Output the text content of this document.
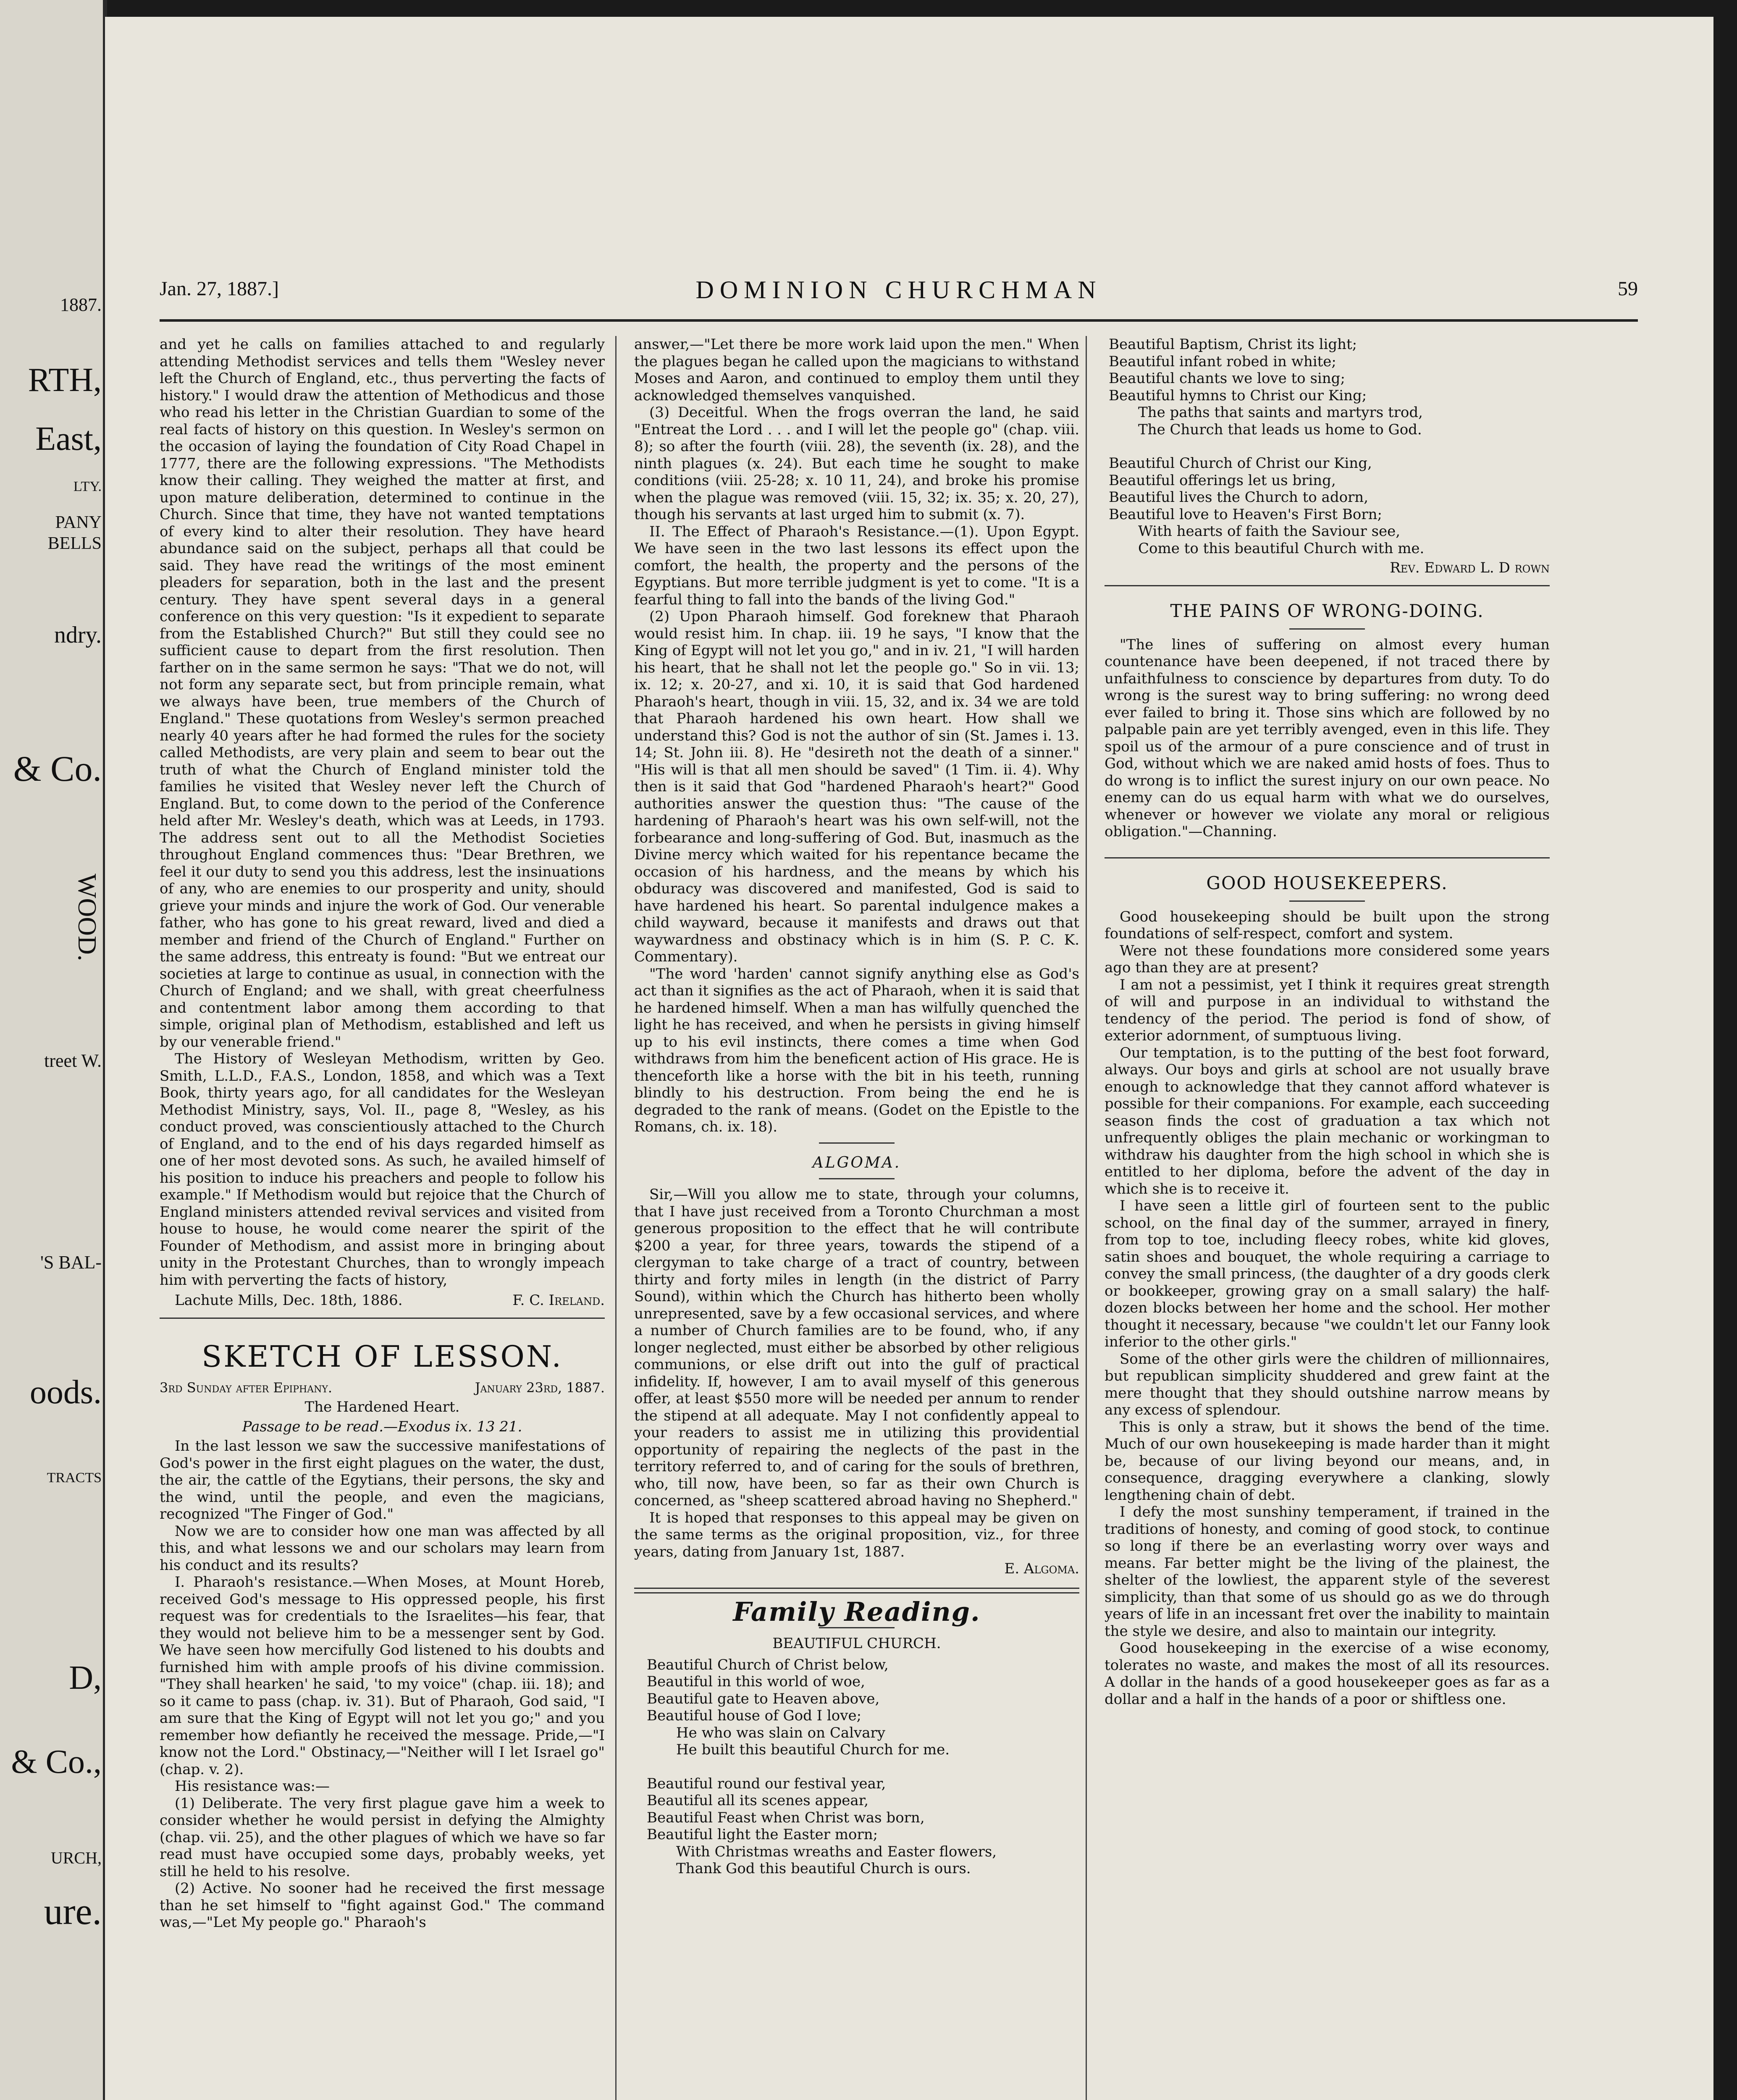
1887.
RTH,
East,
LTY.
PANY
BELLS
ndry.
& Co.
WOOD.
treet W.
'S BAL-
oods.
TRACTS
D,
& Co.,
URCH,
ure.
Jan. 27, 1887.]	DOMINION CHURCHMAN	59

and yet he calls on families attached to and regularly attending Methodist services and tells them "Wesley never left the Church of England, etc., thus perverting the facts of history." I would draw the attention of Methodicus and those who read his letter in the Christian Guardian to some of the real facts of history on this question. In Wesley's sermon on the occasion of laying the foundation of City Road Chapel in 1777, there are the following expressions. "The Methodists know their calling. They weighed the matter at first, and upon mature deliberation, determined to continue in the Church. Since that time, they have not wanted temptations of every kind to alter their resolution. They have heard abundance said on the subject, perhaps all that could be said. They have read the writings of the most eminent pleaders for separation, both in the last and the present century. They have spent several days in a general conference on this very question: "Is it expedient to separate from the Established Church?" But still they could see no sufficient cause to depart from the first resolution. Then farther on in the same sermon he says: "That we do not, will not form any separate sect, but from principle remain, what we always have been, true members of the Church of England." These quotations from Wesley's sermon preached nearly 40 years after he had formed the rules for the society called Methodists, are very plain and seem to bear out the truth of what the Church of England minister told the families he visited that Wesley never left the Church of England. But, to come down to the period of the Conference held after Mr. Wesley's death, which was at Leeds, in 1793. The address sent out to all the Methodist Societies throughout England commences thus: "Dear Brethren, we feel it our duty to send you this address, lest the insinuations of any, who are enemies to our prosperity and unity, should grieve your minds and injure the work of God. Our venerable father, who has gone to his great reward, lived and died a member and friend of the Church of England." Further on the same address, this entreaty is found: "But we entreat our societies at large to continue as usual, in connection with the Church of England; and we shall, with great cheerfulness and contentment labor among them according to that simple, original plan of Methodism, established and left us by our venerable friend."

The History of Wesleyan Methodism, written by Geo. Smith, L.L.D., F.A.S., London, 1858, and which was a Text Book, thirty years ago, for all candidates for the Wesleyan Methodist Ministry, says, Vol. II., page 8, "Wesley, as his conduct proved, was conscientiously attached to the Church of England, and to the end of his days regarded himself as one of her most devoted sons. As such, he availed himself of his position to induce his preachers and people to follow his example." If Methodism would but rejoice that the Church of England ministers attended revival services and visited from house to house, he would come nearer the spirit of the Founder of Methodism, and assist more in bringing about unity in the Protestant Churches, than to wrongly impeach him with perverting the facts of history,

Lachute Mills, Dec. 18th, 1886.	F. C. Ireland.
SKETCH OF LESSON.
3rd Sunday after Epiphany.	January 23rd, 1887.
The Hardened Heart.
Passage to be read.—Exodus ix. 13 21.

In the last lesson we saw the successive manifestations of God's power in the first eight plagues on the water, the dust, the air, the cattle of the Egytians, their persons, the sky and the wind, until the people, and even the magicians, recognized "The Finger of God."

Now we are to consider how one man was affected by all this, and what lessons we and our scholars may learn from his conduct and its results?

I. Pharaoh's resistance.—When Moses, at Mount Horeb, received God's message to His oppressed people, his first request was for credentials to the Israelites—his fear, that they would not believe him to be a messenger sent by God. We have seen how mercifully God listened to his doubts and furnished him with ample proofs of his divine commission. "They shall hearken' he said, 'to my voice" (chap. iii. 18); and so it came to pass (chap. iv. 31). But of Pharaoh, God said, "I am sure that the King of Egypt will not let you go;" and you remember how defiantly he received the message. Pride,—"I know not the Lord." Obstinacy,—"Neither will I let Israel go" (chap. v. 2).

His resistance was:—

(1) Deliberate. The very first plague gave him a week to consider whether he would persist in defying the Almighty (chap. vii. 25), and the other plagues of which we have so far read must have occupied some days, probably weeks, yet still he held to his resolve.

(2) Active. No sooner had he received the first message than he set himself to "fight against God." The command was,—"Let My people go." Pharaoh's

answer,—"Let there be more work laid upon the men." When the plagues began he called upon the magicians to withstand Moses and Aaron, and continued to employ them until they acknowledged themselves vanquished.

(3) Deceitful. When the frogs overran the land, he said "Entreat the Lord . . . and I will let the people go" (chap. viii. 8); so after the fourth (viii. 28), the seventh (ix. 28), and the ninth plagues (x. 24). But each time he sought to make conditions (viii. 25-28; x. 10 11, 24), and broke his promise when the plague was removed (viii. 15, 32; ix. 35; x. 20, 27), though his servants at last urged him to submit (x. 7).

II. The Effect of Pharaoh's Resistance.—(1). Upon Egypt. We have seen in the two last lessons its effect upon the comfort, the health, the property and the persons of the Egyptians. But more terrible judgment is yet to come. "It is a fearful thing to fall into the bands of the living God."

(2) Upon Pharaoh himself. God foreknew that Pharaoh would resist him. In chap. iii. 19 he says, "I know that the King of Egypt will not let you go," and in iv. 21, "I will harden his heart, that he shall not let the people go." So in vii. 13; ix. 12; x. 20-27, and xi. 10, it is said that God hardened Pharaoh's heart, though in viii. 15, 32, and ix. 34 we are told that Pharaoh hardened his own heart. How shall we understand this? God is not the author of sin (St. James i. 13. 14; St. John iii. 8). He "desireth not the death of a sinner." "His will is that all men should be saved" (1 Tim. ii. 4). Why then is it said that God "hardened Pharaoh's heart?" Good authorities answer the question thus: "The cause of the hardening of Pharaoh's heart was his own self-will, not the forbearance and long-suffering of God. But, inasmuch as the Divine mercy which waited for his repentance became the occasion of his hardness, and the means by which his obduracy was discovered and manifested, God is said to have hardened his heart. So parental indulgence makes a child wayward, because it manifests and draws out that waywardness and obstinacy which is in him (S. P. C. K. Commentary).

"The word 'harden' cannot signify anything else as God's act than it signifies as the act of Pharaoh, when it is said that he hardened himself. When a man has wilfully quenched the light he has received, and when he persists in giving himself up to his evil instincts, there comes a time when God withdraws from him the beneficent action of His grace. He is thenceforth like a horse with the bit in his teeth, running blindly to his destruction. From being the end he is degraded to the rank of means. (Godet on the Epistle to the Romans, ch. ix. 18).

ALGOMA.

Sir,—Will you allow me to state, through your columns, that I have just received from a Toronto Churchman a most generous proposition to the effect that he will contribute $200 a year, for three years, towards the stipend of a clergyman to take charge of a tract of country, between thirty and forty miles in length (in the district of Parry Sound), within which the Church has hitherto been wholly unrepresented, save by a few occasional services, and where a number of Church families are to be found, who, if any longer neglected, must either be absorbed by other religious communions, or else drift out into the gulf of practical infidelity. If, however, I am to avail myself of this generous offer, at least $550 more will be needed per annum to render the stipend at all adequate. May I not confidently appeal to your readers to assist me in utilizing this providential opportunity of repairing the neglects of the past in the territory referred to, and of caring for the souls of brethren, who, till now, have been, so far as their own Church is concerned, as "sheep scattered abroad having no Shepherd."

It is hoped that responses to this appeal may be given on the same terms as the original proposition, viz., for three years, dating from January 1st, 1887.

E. Algoma.
Family Reading.
BEAUTIFUL CHURCH.
Beautiful Church of Christ below,
Beautiful in this world of woe,
Beautiful gate to Heaven above,
Beautiful house of God I love;
He who was slain on Calvary
He built this beautiful Church for me.
Beautiful round our festival year,
Beautiful all its scenes appear,
Beautiful Feast when Christ was born,
Beautiful light the Easter morn;
With Christmas wreaths and Easter flowers,
Thank God this beautiful Church is ours.
Beautiful Baptism, Christ its light;
Beautiful infant robed in white;
Beautiful chants we love to sing;
Beautiful hymns to Christ our King;
The paths that saints and martyrs trod,
The Church that leads us home to God.
Beautiful Church of Christ our King,
Beautiful offerings let us bring,
Beautiful lives the Church to adorn,
Beautiful love to Heaven's First Born;
With hearts of faith the Saviour see,
Come to this beautiful Church with me.
Rev. Edward L. D rown
THE PAINS OF WRONG-DOING.

"The lines of suffering on almost every human countenance have been deepened, if not traced there by unfaithfulness to conscience by departures from duty. To do wrong is the surest way to bring suffering: no wrong deed ever failed to bring it. Those sins which are followed by no palpable pain are yet terribly avenged, even in this life. They spoil us of the armour of a pure conscience and of trust in God, without which we are naked amid hosts of foes. Thus to do wrong is to inflict the surest injury on our own peace. No enemy can do us equal harm with what we do ourselves, whenever or however we violate any moral or religious obligation."—Channing.

GOOD HOUSEKEEPERS.

Good housekeeping should be built upon the strong foundations of self-respect, comfort and system.

Were not these foundations more considered some years ago than they are at present?

I am not a pessimist, yet I think it requires great strength of will and purpose in an individual to withstand the tendency of the period. The period is fond of show, of exterior adornment, of sumptuous living.

Our temptation, is to the putting of the best foot forward, always. Our boys and girls at school are not usually brave enough to acknowledge that they cannot afford whatever is possible for their companions. For example, each succeeding season finds the cost of graduation a tax which not unfrequently obliges the plain mechanic or workingman to withdraw his daughter from the high school in which she is entitled to her diploma, before the advent of the day in which she is to receive it.

I have seen a little girl of fourteen sent to the public school, on the final day of the summer, arrayed in finery, from top to toe, including fleecy robes, white kid gloves, satin shoes and bouquet, the whole requiring a carriage to convey the small princess, (the daughter of a dry goods clerk or bookkeeper, growing gray on a small salary) the half-dozen blocks between her home and the school. Her mother thought it necessary, because "we couldn't let our Fanny look inferior to the other girls."

Some of the other girls were the children of millionnaires, but republican simplicity shuddered and grew faint at the mere thought that they should outshine narrow means by any excess of splendour.

This is only a straw, but it shows the bend of the time. Much of our own housekeeping is made harder than it might be, because of our living beyond our means, and, in consequence, dragging everywhere a clanking, slowly lengthening chain of debt.

I defy the most sunshiny temperament, if trained in the traditions of honesty, and coming of good stock, to continue so long if there be an everlasting worry over ways and means. Far better might be the living of the plainest, the shelter of the lowliest, the apparent style of the severest simplicity, than that some of us should go as we do through years of life in an incessant fret over the inability to maintain the style we desire, and also to maintain our integrity.

Good housekeeping in the exercise of a wise economy, tolerates no waste, and makes the most of all its resources. A dollar in the hands of a good housekeeper goes as far as a dollar and a half in the hands of a poor or shiftless one.
